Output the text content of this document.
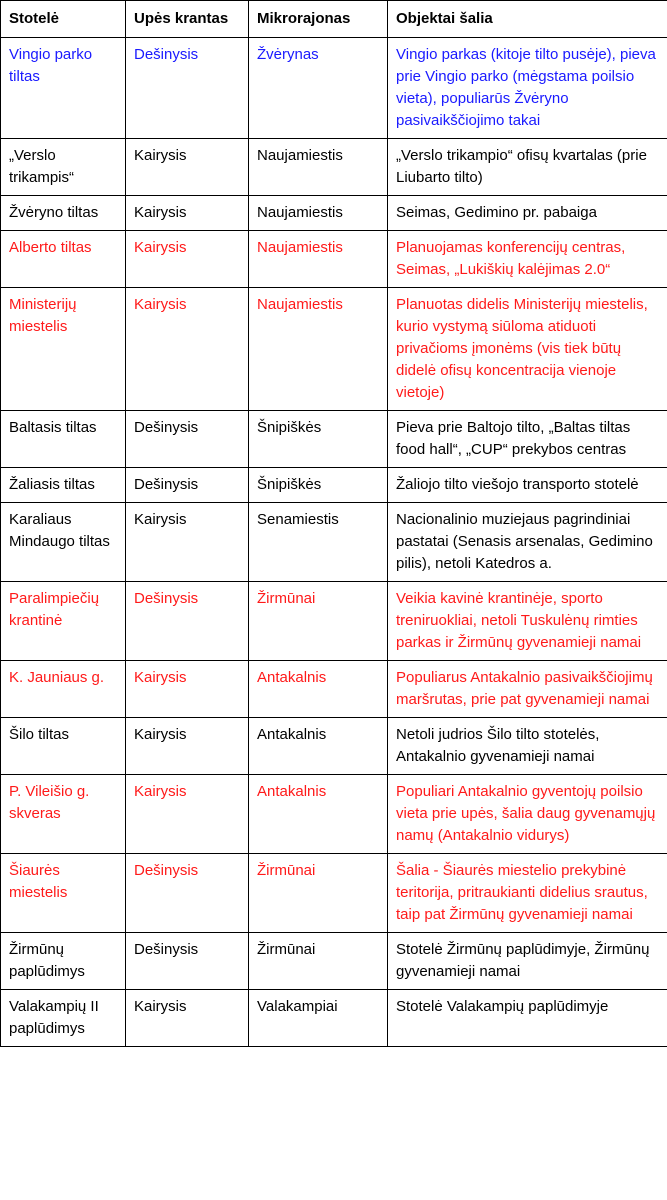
Stotelė	Upės krantas	Mikrorajonas	Objektai šalia
Vingio parko tiltas	Dešinysis	Žvėrynas	Vingio parkas (kitoje tilto pusėje), pieva prie Vingio parko (mėgstama poilsio vieta), populiarūs Žvėryno pasivaikščiojimo takai
„Verslo trikampis“	Kairysis	Naujamiestis	„Verslo trikampio“ ofisų kvartalas (prie Liubarto tilto)
Žvėryno tiltas	Kairysis	Naujamiestis	Seimas, Gedimino pr. pabaiga
Alberto tiltas	Kairysis	Naujamiestis	Planuojamas konferencijų centras, Seimas, „Lukiškių kalėjimas 2.0“
Ministerijų miestelis	Kairysis	Naujamiestis	Planuotas didelis Ministerijų miestelis, kurio vystymą siūloma atiduoti privačioms įmonėms (vis tiek būtų didelė ofisų koncentracija vienoje vietoje)
Baltasis tiltas	Dešinysis	Šnipiškės	Pieva prie Baltojo tilto, „Baltas tiltas food hall“, „CUP“ prekybos centras
Žaliasis tiltas	Dešinysis	Šnipiškės	Žaliojo tilto viešojo transporto stotelė
Karaliaus Mindaugo tiltas	Kairysis	Senamiestis	Nacionalinio muziejaus pagrindiniai pastatai (Senasis arsenalas, Gedimino pilis), netoli Katedros a.
Paralimpiečių krantinė	Dešinysis	Žirmūnai	Veikia kavinė krantinėje, sporto treniruokliai, netoli Tuskulėnų rimties parkas ir Žirmūnų gyvenamieji namai
K. Jauniaus g.	Kairysis	Antakalnis	Populiarus Antakalnio pasivaikščiojimų maršrutas, prie pat gyvenamieji namai
Šilo tiltas	Kairysis	Antakalnis	Netoli judrios Šilo tilto stotelės, Antakalnio gyvenamieji namai
P. Vileišio g. skveras	Kairysis	Antakalnis	Populiari Antakalnio gyventojų poilsio vieta prie upės, šalia daug gyvenamųjų namų (Antakalnio vidurys)
Šiaurės miestelis	Dešinysis	Žirmūnai	Šalia - Šiaurės miestelio prekybinė teritorija, pritraukianti didelius srautus, taip pat Žirmūnų gyvenamieji namai
Žirmūnų paplūdimys	Dešinysis	Žirmūnai	Stotelė Žirmūnų paplūdimyje, Žirmūnų gyvenamieji namai
Valakampių II paplūdimys	Kairysis	Valakampiai	Stotelė Valakampių paplūdimyje
